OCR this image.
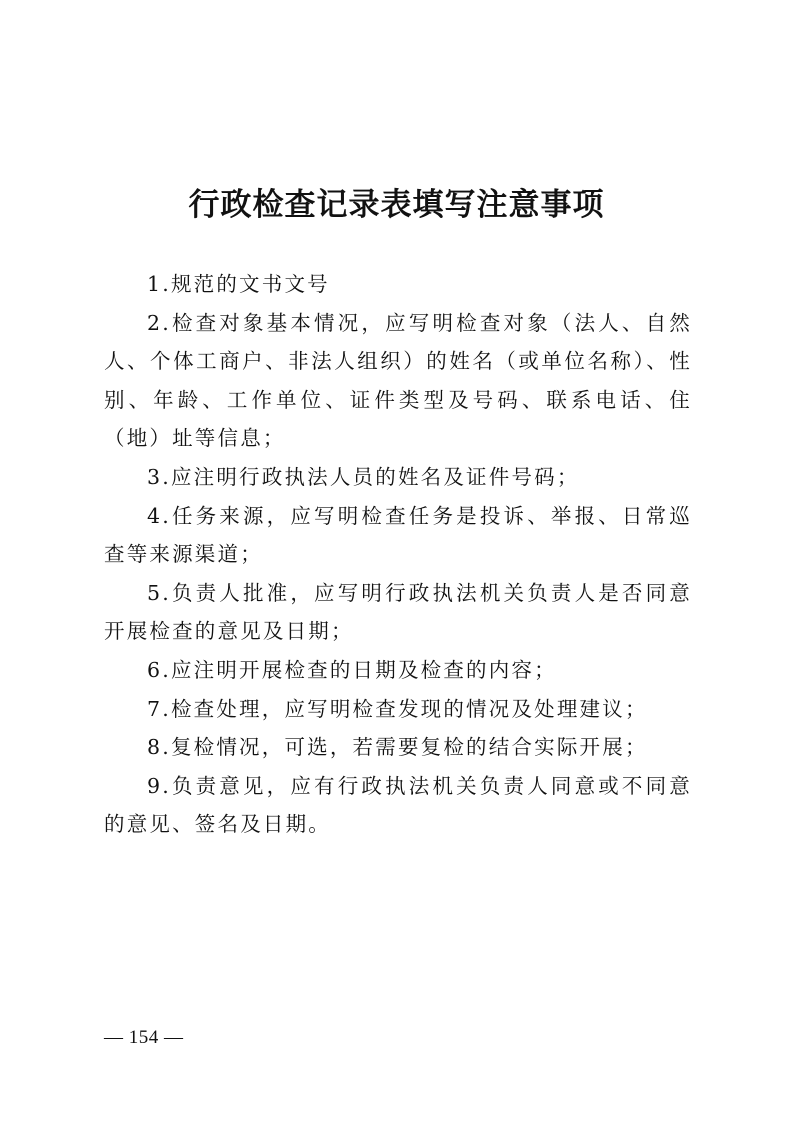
行政检查记录表填写注意事项

1.规范的文书文号

2.检查对象基本情况，应写明检查对象（法人、自然人、个体工商户、非法人组织）的姓名（或单位名称）、性别、年龄、工作单位、证件类型及号码、联系电话、住（地）址等信息；

3.应注明行政执法人员的姓名及证件号码；

4.任务来源，应写明检查任务是投诉、举报、日常巡查等来源渠道；

5.负责人批准，应写明行政执法机关负责人是否同意开展检查的意见及日期；

6.应注明开展检查的日期及检查的内容；

7.检查处理，应写明检查发现的情况及处理建议；

8.复检情况，可选，若需要复检的结合实际开展；

9.负责意见，应有行政执法机关负责人同意或不同意的意见、签名及日期。

— 154 —
